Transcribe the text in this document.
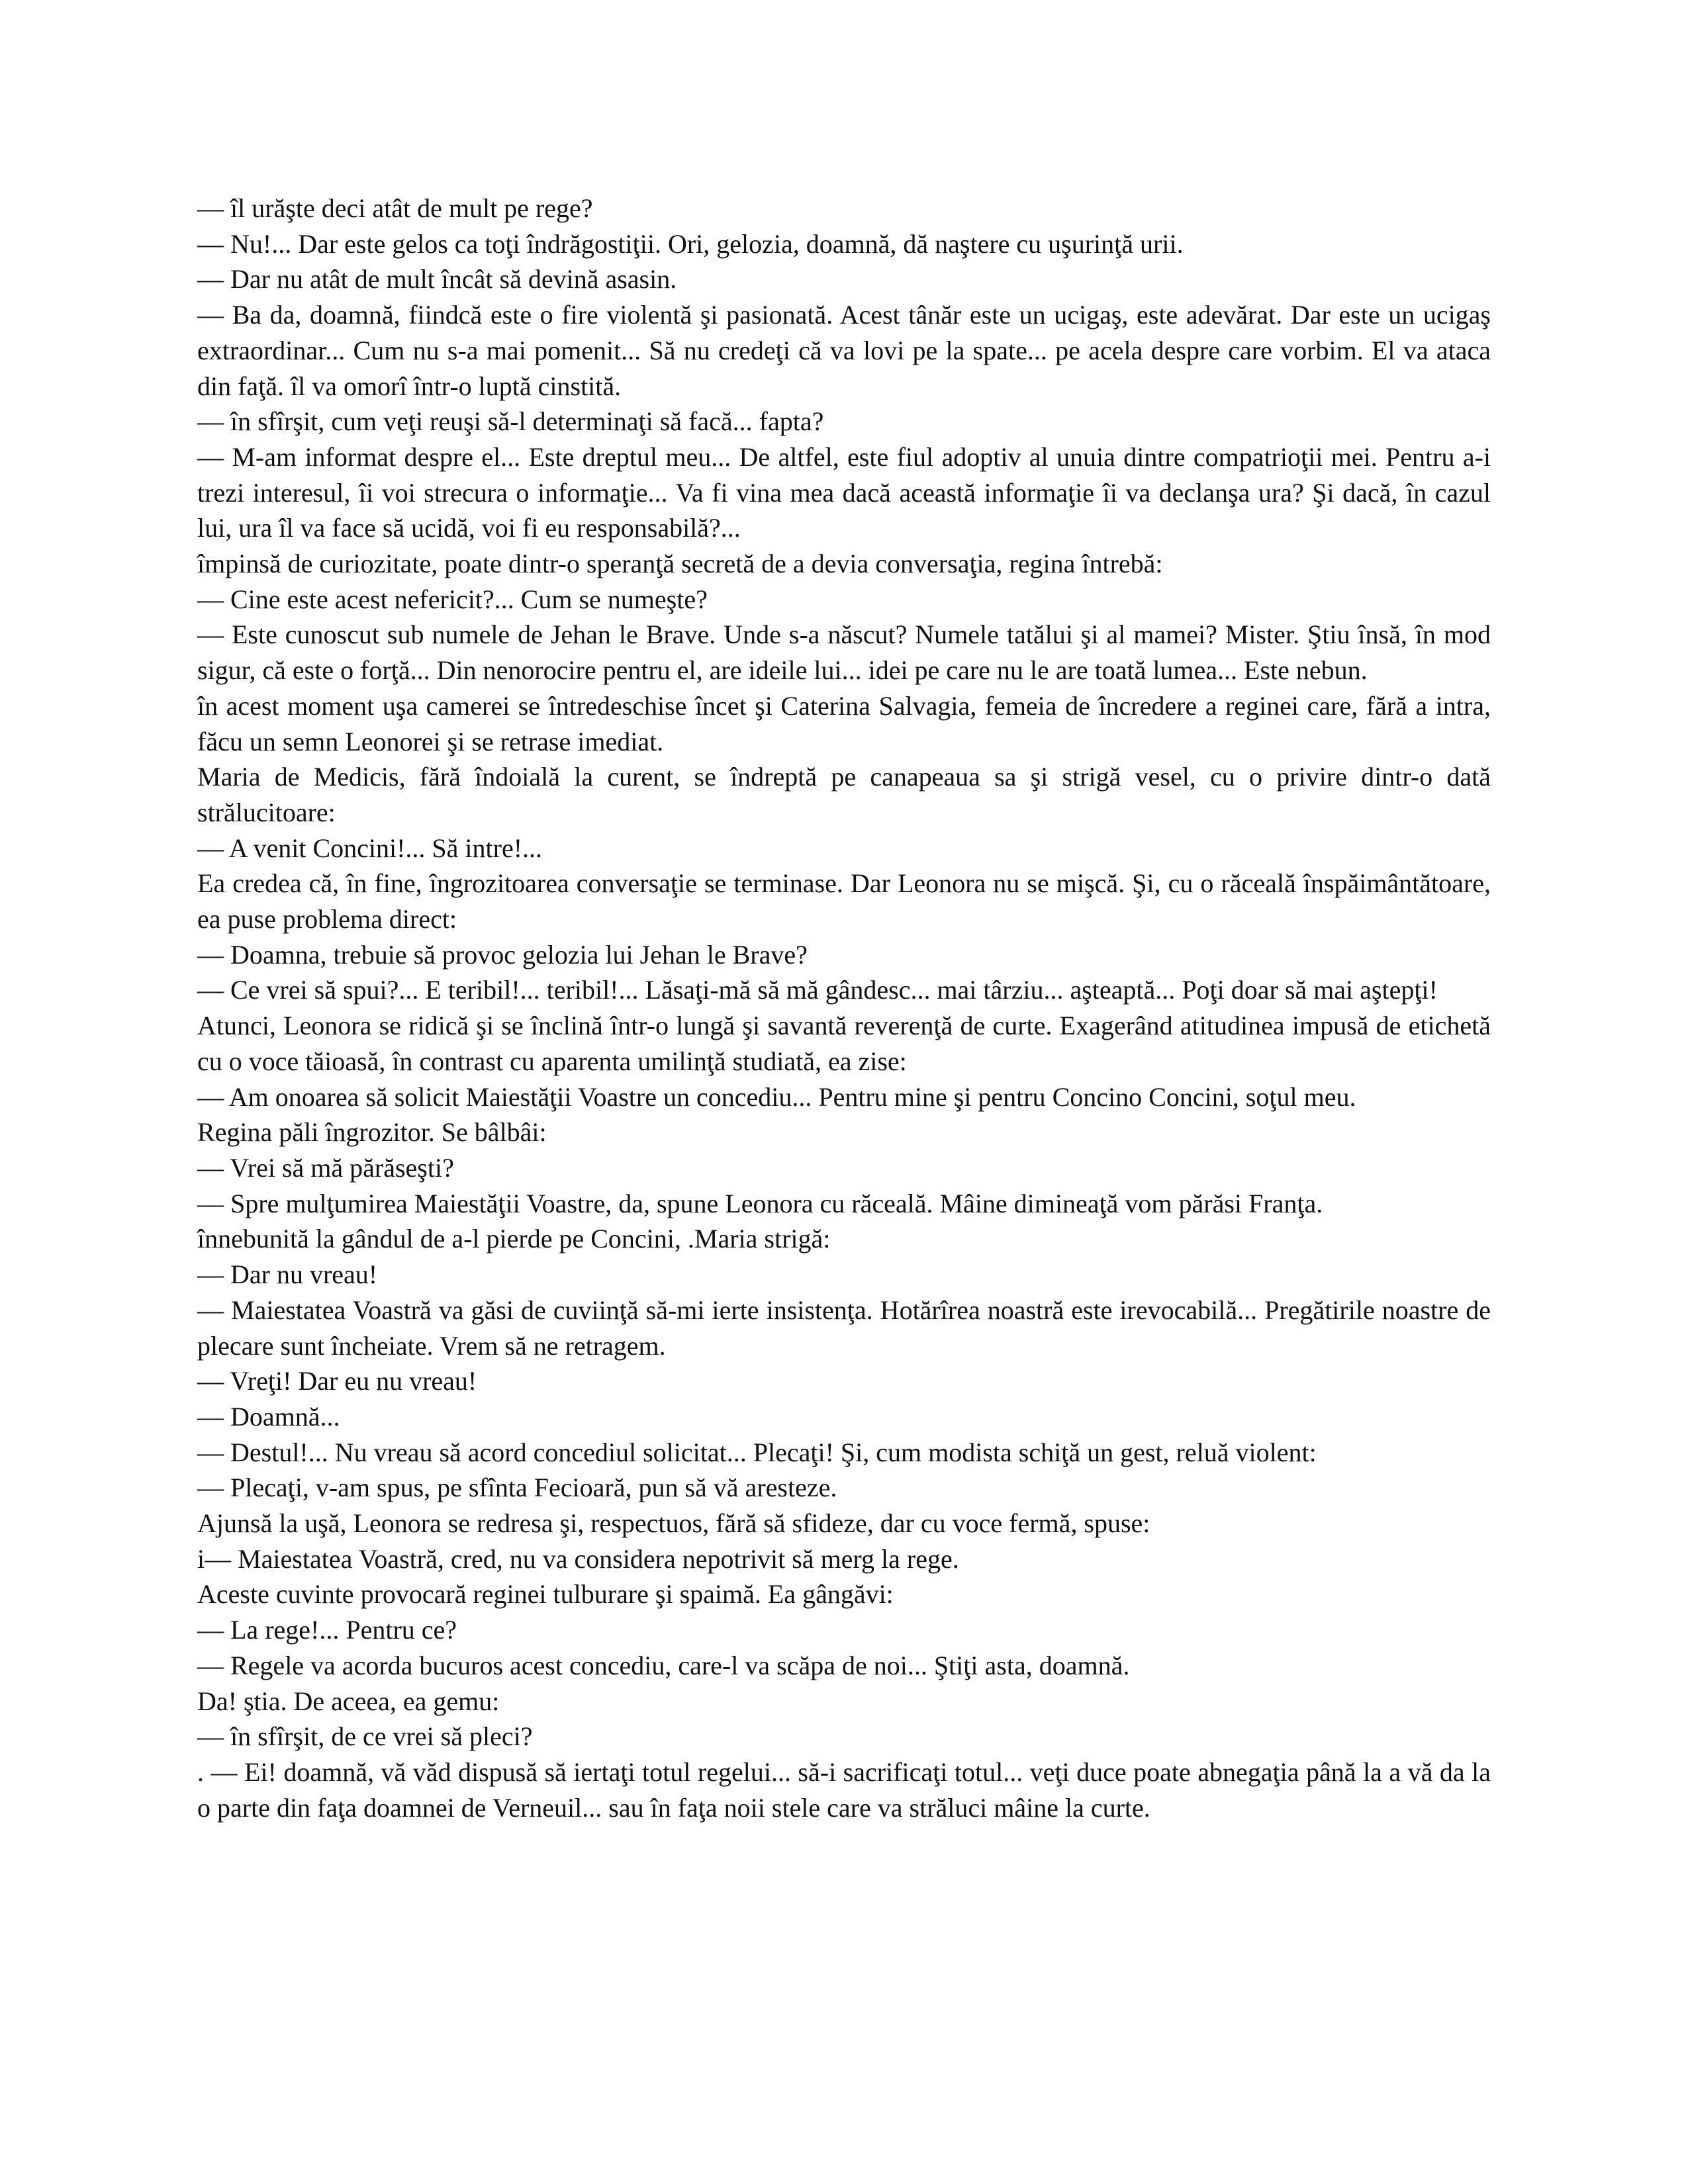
— îl urăşte deci atât de mult pe rege?

— Nu!... Dar este gelos ca toţi îndrăgostiţii. Ori, gelozia, doamnă, dă naştere cu uşurinţă urii.

— Dar nu atât de mult încât să devină asasin.

— Ba da, doamnă, fiindcă este o fire violentă şi pasionată. Acest tânăr este un ucigaş, este adevărat. Dar este un ucigaş extraordinar... Cum nu s-a mai pomenit... Să nu credeţi că va lovi pe la spate... pe acela despre care vorbim. El va ataca din faţă. îl va omorî într-o luptă cinstită.

— în sfîrşit, cum veţi reuşi să-l determinaţi să facă... fapta?

— M-am informat despre el... Este dreptul meu... De altfel, este fiul adoptiv al unuia dintre compatrioţii mei. Pentru a-i trezi interesul, îi voi strecura o informaţie... Va fi vina mea dacă această informaţie îi va declanşa ura? Şi dacă, în cazul lui, ura îl va face să ucidă, voi fi eu responsabilă?...

împinsă de curiozitate, poate dintr-o speranţă secretă de a devia conversaţia, regina întrebă:

— Cine este acest nefericit?... Cum se numeşte?

— Este cunoscut sub numele de Jehan le Brave. Unde s-a născut? Numele tatălui şi al mamei? Mister. Ştiu însă, în mod sigur, că este o forţă... Din nenorocire pentru el, are ideile lui... idei pe care nu le are toată lumea... Este nebun.

în acest moment uşa camerei se întredeschise încet şi Caterina Salvagia, femeia de încredere a reginei care, fără a intra, făcu un semn Leonorei şi se retrase imediat.

Maria de Medicis, fără îndoială la curent, se îndreptă pe canapeaua sa şi strigă vesel, cu o privire dintr-o dată strălucitoare:

— A venit Concini!... Să intre!...

Ea credea că, în fine, îngrozitoarea conversaţie se terminase. Dar Leonora nu se mişcă. Şi, cu o răceală înspăimântătoare, ea puse problema direct:

— Doamna, trebuie să provoc gelozia lui Jehan le Brave?

— Ce vrei să spui?... E teribil!... teribil!... Lăsaţi-mă să mă gândesc... mai târziu... aşteaptă... Poţi doar să mai aştepţi!

Atunci, Leonora se ridică şi se înclină într-o lungă şi savantă reverenţă de curte. Exagerând atitudinea impusă de etichetă cu o voce tăioasă, în contrast cu aparenta umilinţă studiată, ea zise:

— Am onoarea să solicit Maiestăţii Voastre un concediu... Pentru mine şi pentru Concino Concini, soţul meu.

Regina păli îngrozitor. Se bâlbâi:

— Vrei să mă părăseşti?

— Spre mulţumirea Maiestăţii Voastre, da, spune Leonora cu răceală. Mâine dimineaţă vom părăsi Franţa.

înnebunită la gândul de a-l pierde pe Concini, .Maria strigă:

— Dar nu vreau!

— Maiestatea Voastră va găsi de cuviinţă să-mi ierte insistenţa. Hotărîrea noastră este irevocabilă... Pregătirile noastre de plecare sunt încheiate. Vrem să ne retragem.

— Vreţi! Dar eu nu vreau!

— Doamnă...

— Destul!... Nu vreau să acord concediul solicitat... Plecaţi! Şi, cum modista schiţă un gest, reluă violent:

— Plecaţi, v-am spus, pe sfînta Fecioară, pun să vă aresteze.

Ajunsă la uşă, Leonora se redresa şi, respectuos, fără să sfideze, dar cu voce fermă, spuse:

i— Maiestatea Voastră, cred, nu va considera nepotrivit să merg la rege.

Aceste cuvinte provocară reginei tulburare şi spaimă. Ea gângăvi:

— La rege!... Pentru ce?

— Regele va acorda bucuros acest concediu, care-l va scăpa de noi... Ştiţi asta, doamnă.

Da! ştia. De aceea, ea gemu:

— în sfîrşit, de ce vrei să pleci?

. — Ei! doamnă, vă văd dispusă să iertaţi totul regelui... să-i sacrificaţi totul... veţi duce poate abnegaţia până la a vă da la o parte din faţa doamnei de Verneuil... sau în faţa noii stele care va străluci mâine la curte.
